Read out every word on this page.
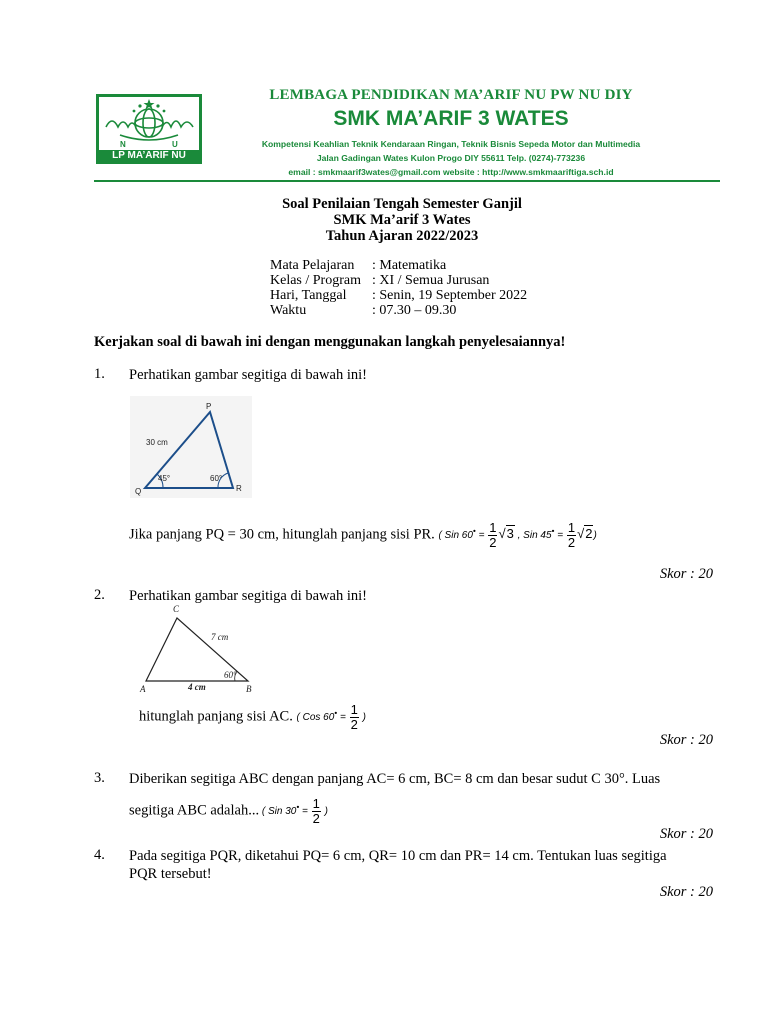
N	U
LP MA’ARIF NU
LEMBAGA PENDIDIKAN MA’ARIF NU PW NU DIY
SMK MA’ARIF 3 WATES
Kompetensi Keahlian Teknik Kendaraan Ringan, Teknik Bisnis Sepeda Motor dan Multimedia
Jalan Gadingan Wates Kulon Progo DIY 55611 Telp. (0274)-773236
email : smkmaarif3wates@gmail.com website : http://www.smkmaariftiga.sch.id
Soal Penilaian Tengah Semester Ganjil
SMK Ma’arif 3 Wates
Tahun Ajaran 2022/2023
Mata Pelajaran : Matematika
Kelas / Program : XI / Semua Jurusan
Hari, Tanggal : Senin, 19 September 2022
Waktu	: 07.30 – 09.30
Kerjakan soal di bawah ini dengan menggunakan langkah penyelesaiannya!
1. Perhatikan gambar segitiga di bawah ini!
P
Q	R
30 cm
45°	60°
Jika panjang PQ = 30 cm, hitunglah panjang sisi PR. ( Sin $60^• = \frac{1}{2} √3$ , Sin $45^• = \frac{1}{2} √2$)
Skor : 20
2. Perhatikan gambar segitiga di bawah ini!
C
A	B
7 cm
4 cm
60°
hitunglah panjang sisi AC. ( Cos $60^• = \frac{1}{2}$ )
Skor : 20
3. Diberikan segitiga ABC dengan panjang AC= 6 cm, BC= 8 cm dan besar sudut C 30°. Luas
segitiga ABC adalah... ( Sin $30^• = \frac{1}{2}$ )
Skor : 20
4. Pada segitiga PQR, diketahui PQ= 6 cm, QR= 10 cm dan PR= 14 cm. Tentukan luas segitiga
PQR tersebut!
Skor : 20
